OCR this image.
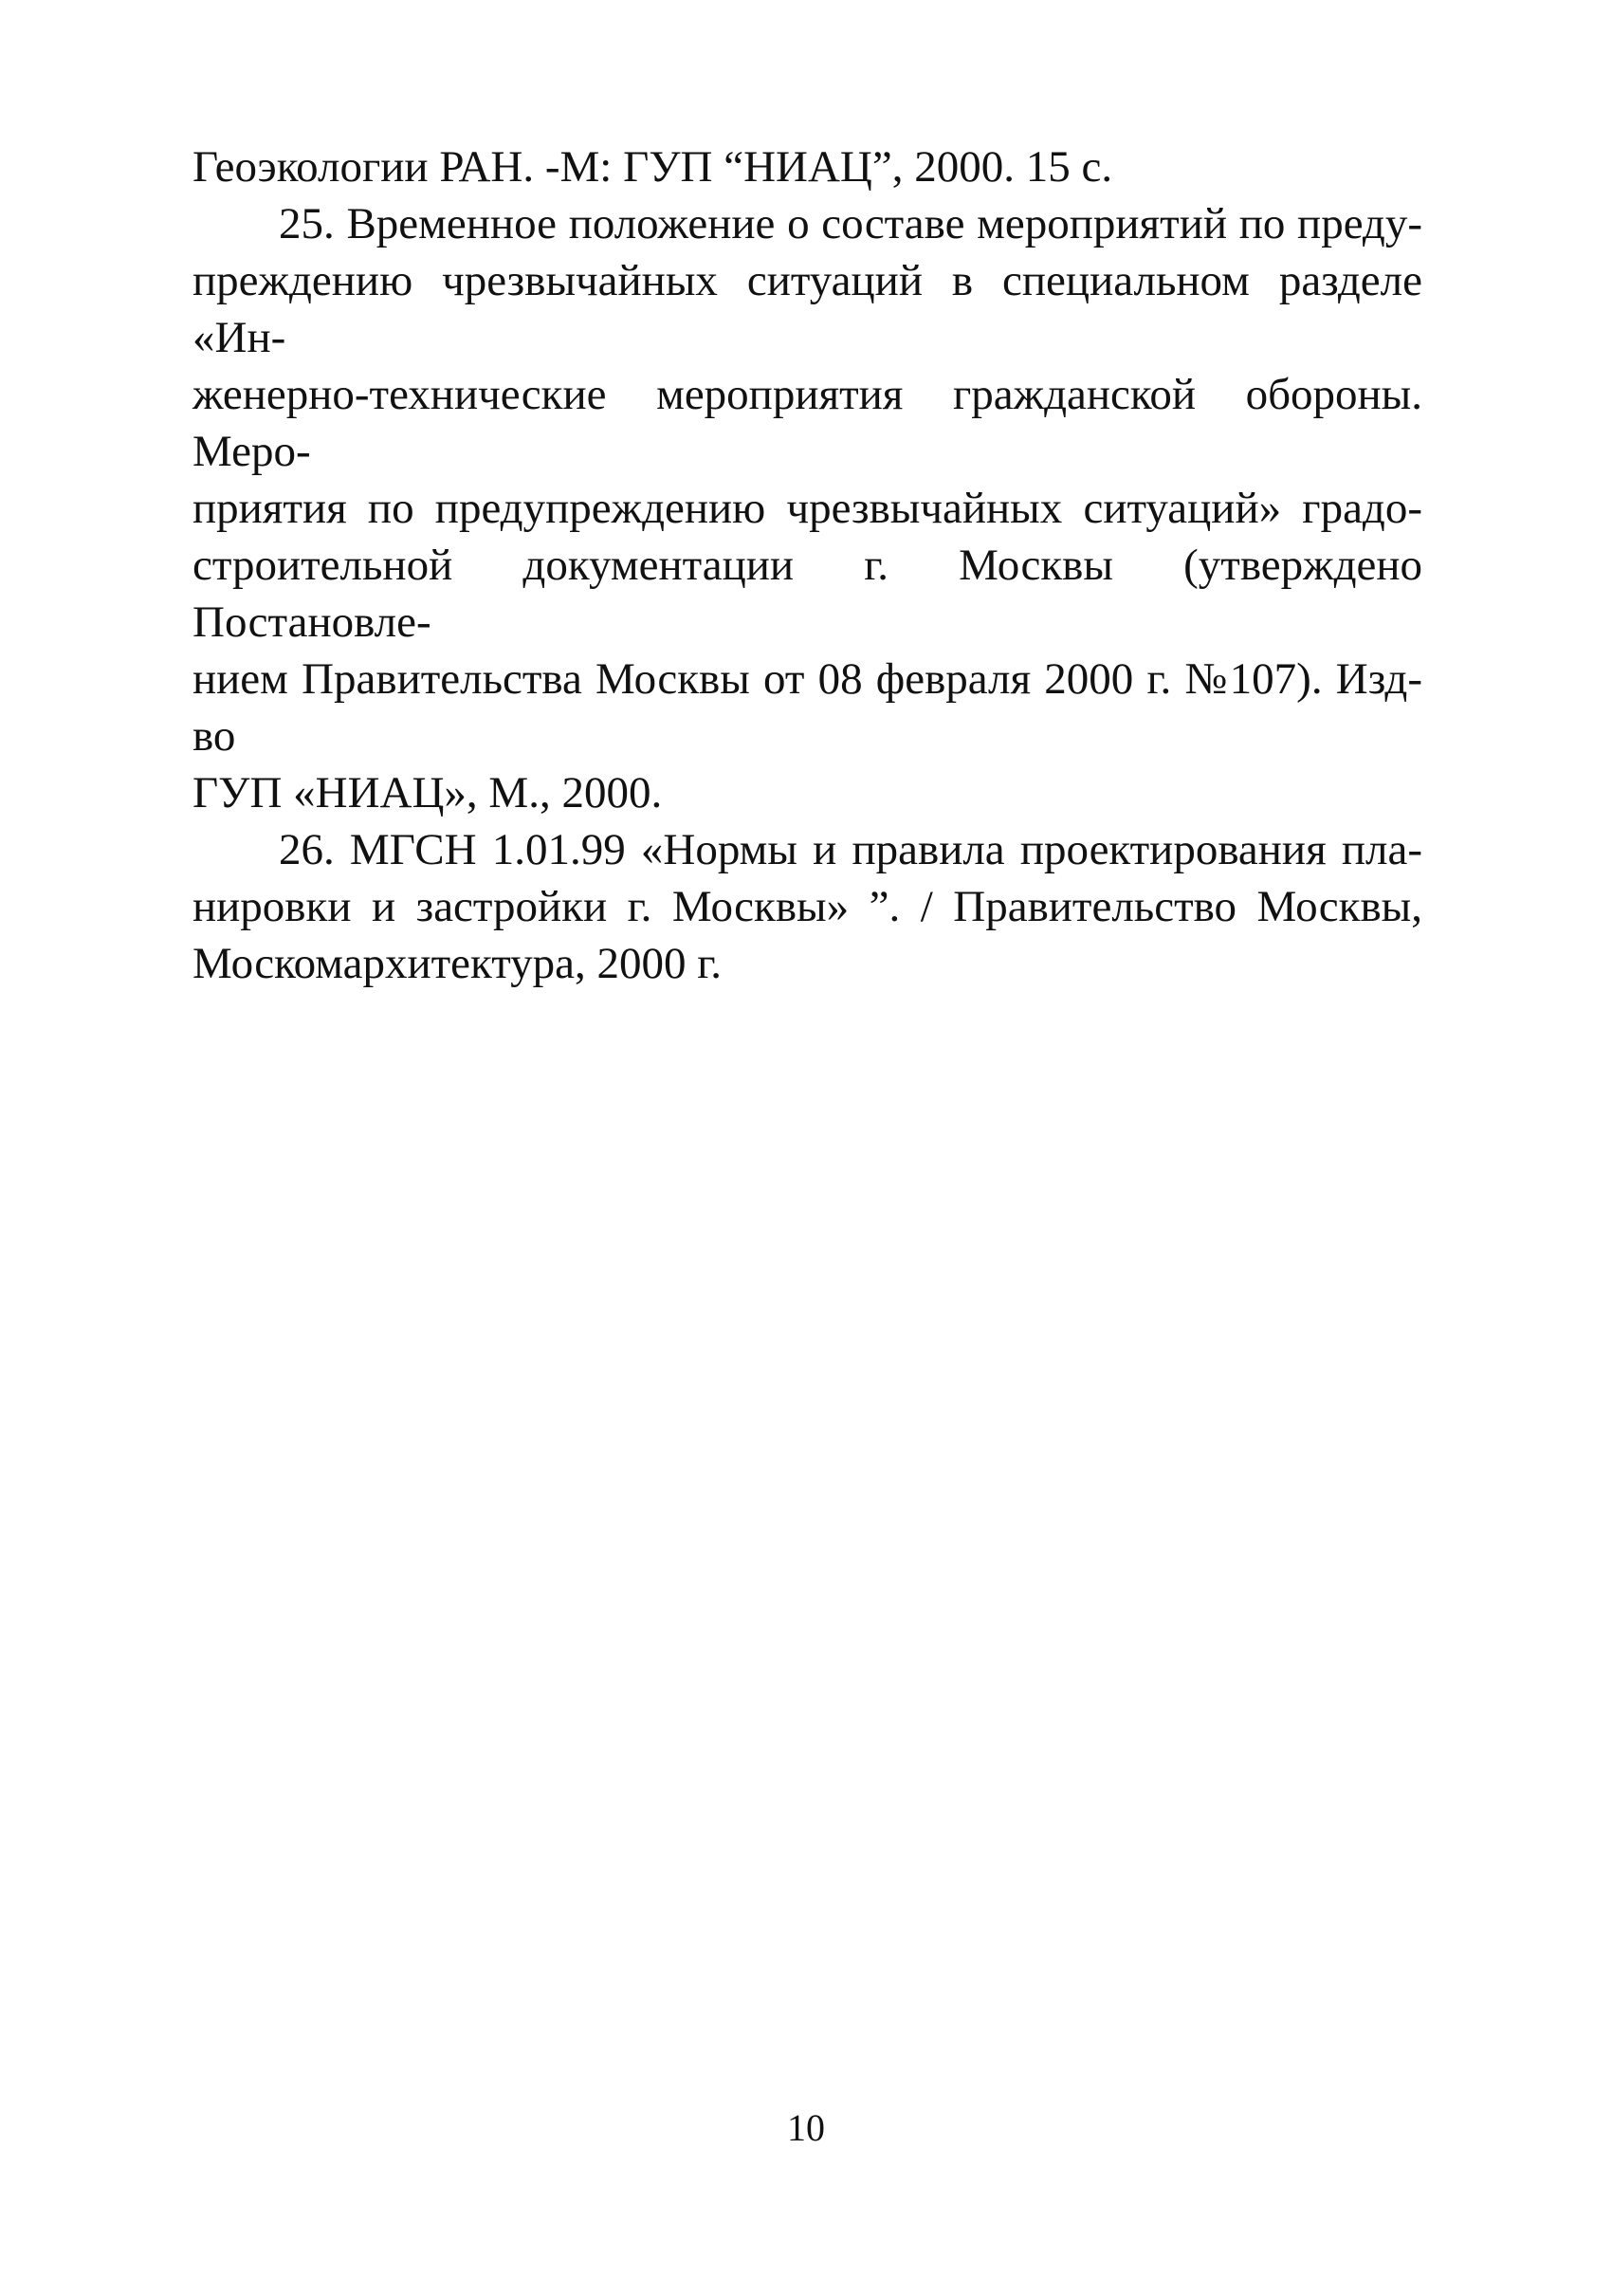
Геоэкологии РАН. -М: ГУП “НИАЦ”, 2000. 15 с.
25. Временное положение о составе мероприятий по преду-
преждению чрезвычайных ситуаций в специальном разделе «Ин-
женерно-технические мероприятия гражданской обороны. Меро-
приятия по предупреждению чрезвычайных ситуаций» градо-
строительной документации г. Москвы (утверждено Постановле-
нием Правительства Москвы от 08 февраля 2000 г. №107). Изд-во
ГУП «НИАЦ», М., 2000.
26. МГСН 1.01.99 «Нормы и правила проектирования пла-
нировки и застройки г. Москвы» ”. / Правительство Москвы,
Москомархитектура, 2000 г.
10
